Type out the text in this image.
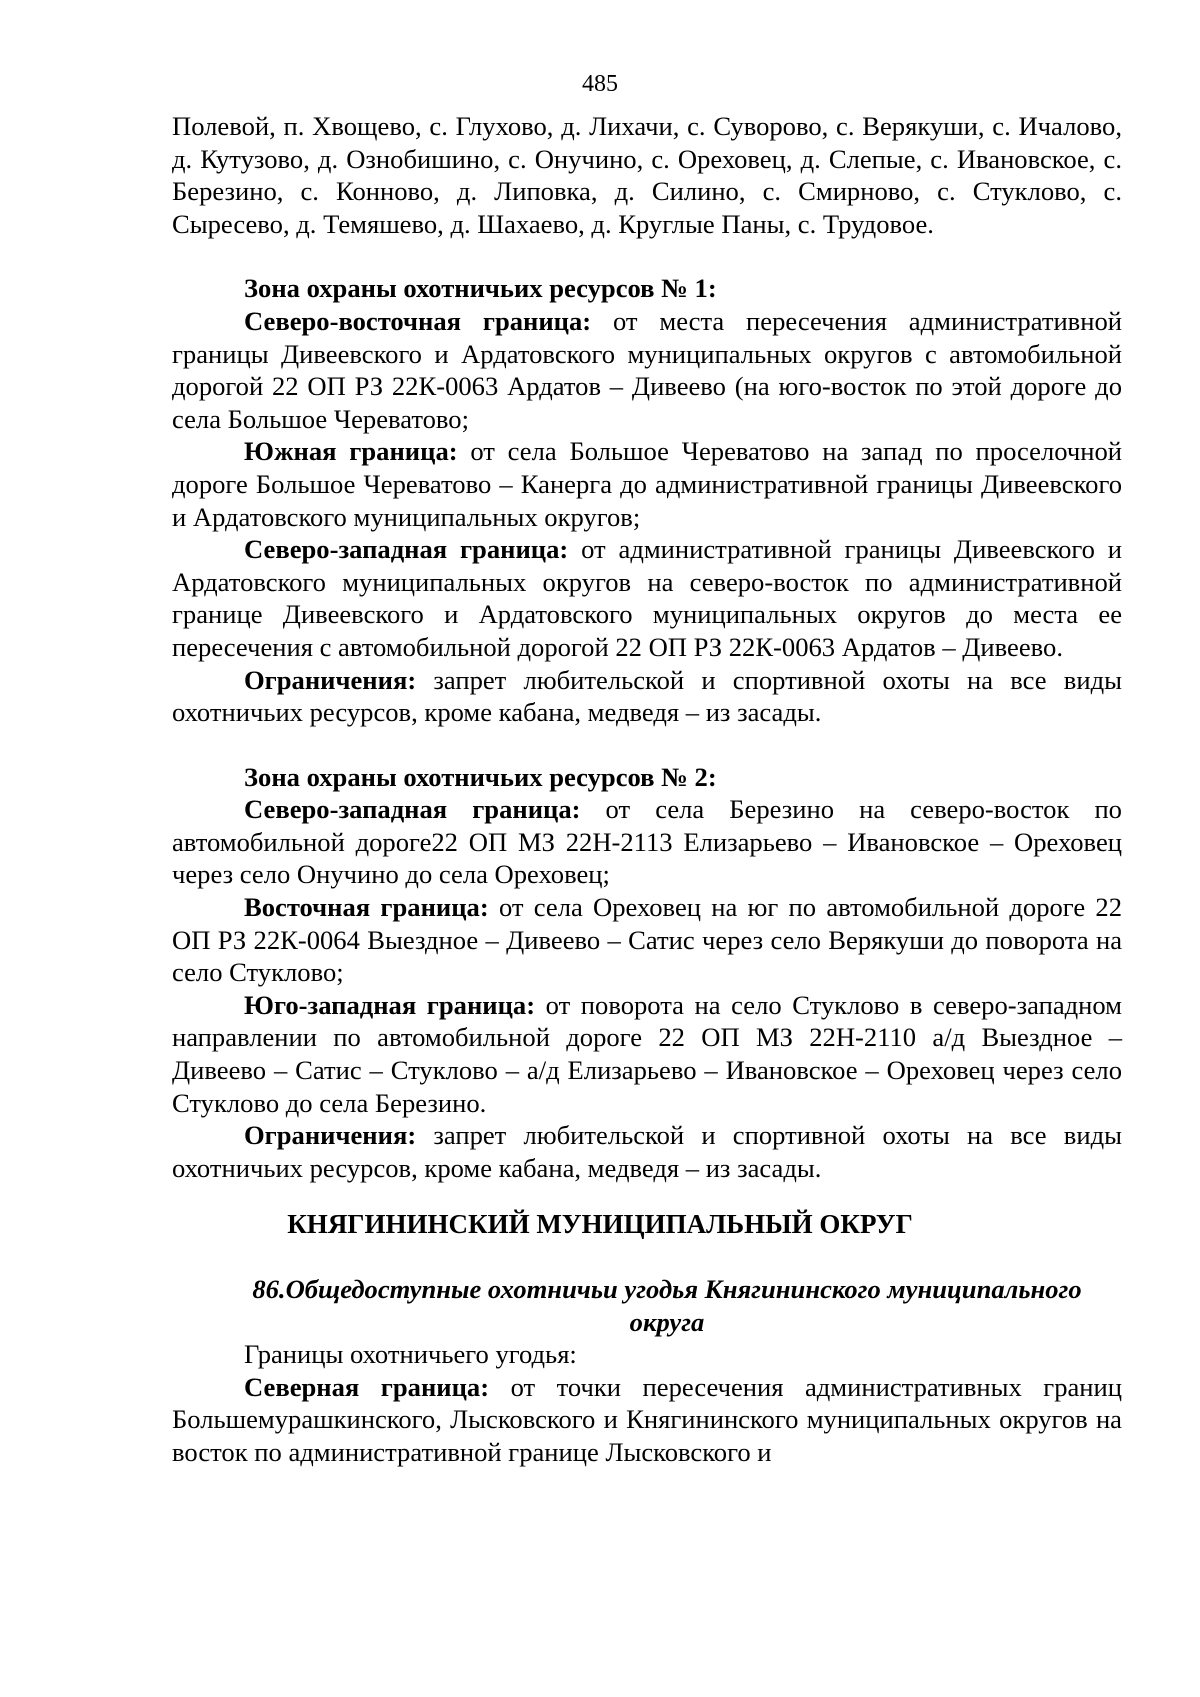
485

Полевой, п. Хвощево, с. Глухово, д. Лихачи, с. Суворово, с. Верякуши, с. Ичалово, д. Кутузово, д. Ознобишино, с. Онучино, с. Ореховец, д. Слепые, с. Ивановское, с. Березино, с. Конново, д. Липовка, д. Силино, с. Смирново, с. Стуклово, с. Сыресево, д. Темяшево, д. Шахаево, д. Круглые Паны, с. Трудовое.

Зона охраны охотничьих ресурсов № 1:

Северо-восточная граница: от места пересечения административной границы Дивеевского и Ардатовского муниципальных округов с автомобильной дорогой 22 ОП РЗ 22К-0063 Ардатов – Дивеево (на юго-восток по этой дороге до села Большое Череватово;

Южная граница: от села Большое Череватово на запад по проселочной дороге Большое Череватово – Канерга до административной границы Дивеевского и Ардатовского муниципальных округов;

Северо-западная граница: от административной границы Дивеевского и Ардатовского муниципальных округов на северо-восток по административной границе Дивеевского и Ардатовского муниципальных округов до места ее пересечения с автомобильной дорогой 22 ОП РЗ 22К-0063 Ардатов – Дивеево.

Ограничения: запрет любительской и спортивной охоты на все виды охотничьих ресурсов, кроме кабана, медведя – из засады.

Зона охраны охотничьих ресурсов № 2:

Северо-западная граница: от села Березино на северо-восток по автомобильной дороге22 ОП МЗ 22Н-2113 Елизарьево – Ивановское – Ореховец через село Онучино до села Ореховец;

Восточная граница: от села Ореховец на юг по автомобильной дороге 22 ОП РЗ 22К-0064 Выездное – Дивеево – Сатис через село Верякуши до поворота на село Стуклово;

Юго-западная граница: от поворота на село Стуклово в северо-западном направлении по автомобильной дороге 22 ОП МЗ 22Н-2110 а/д Выездное – Дивеево – Сатис – Стуклово – а/д Елизарьево – Ивановское – Ореховец через село Стуклово до села Березино.

Ограничения: запрет любительской и спортивной охоты на все виды охотничьих ресурсов, кроме кабана, медведя – из засады.

КНЯГИНИНСКИЙ МУНИЦИПАЛЬНЫЙ ОКРУГ

86.Общедоступные охотничьи угодья Княгининского муниципального округа

Границы охотничьего угодья:

Северная граница: от точки пересечения административных границ Большемурашкинского, Лысковского и Княгининского муниципальных округов на восток по административной границе Лысковского и
